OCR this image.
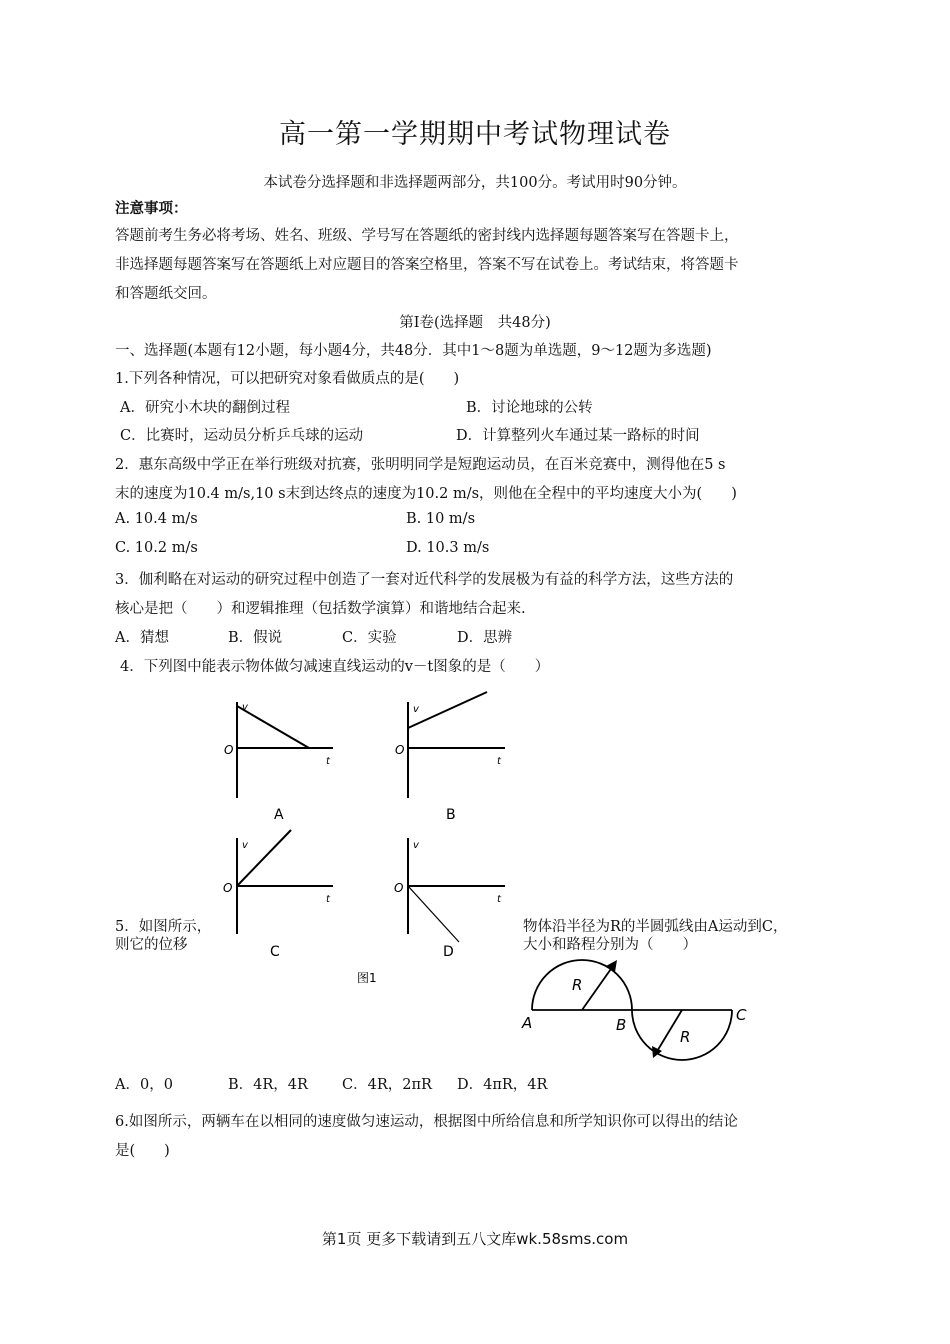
高一第一学期期中考试物理试卷
本试卷分选择题和非选择题两部分，共100分。考试用时90分钟。
注意事项：
答题前考生务必将考场、姓名、班级、学号写在答题纸的密封线内选择题每题答案写在答题卡上，
非选择题每题答案写在答题纸上对应题目的答案空格里，答案不写在试卷上。考试结束，将答题卡
和答题纸交回。
第Ⅰ卷(选择题　共48分)
一、选择题(本题有12小题，每小题4分，共48分．其中1～8题为单选题，9～12题为多选题)
1.下列各种情况，可以把研究对象看做质点的是(　　)
A．研究小木块的翻倒过程	B．讨论地球的公转
C．比赛时，运动员分析乒乓球的运动	D．计算整列火车通过某一路标的时间
2．惠东高级中学正在举行班级对抗赛，张明明同学是短跑运动员，在百米竞赛中，测得他在5 s
末的速度为10.4 m/s,10 s末到达终点的速度为10.2 m/s，则他在全程中的平均速度大小为(　　)
A. 10.4 m/s	B. 10 m/s
C. 10.2 m/s	D. 10.3 m/s
3．伽利略在对运动的研究过程中创造了一套对近代科学的发展极为有益的科学方法，这些方法的
核心是把（　　）和逻辑推理（包括数学演算）和谐地结合起来.
A．猜想	B．假说	C．实验	D．思辨
4．下列图中能表示物体做匀减速直线运动的v－t图象的是（　　）
v
O
t
A
v
O
t
B
v
O
t
C
v
O
t
D
图1
5．如图所示，
则它的位移
物体沿半径为R的半圆弧线由A运动到C，
大小和路程分别为（　　）
R
R
A	B
C
A．0，0	B．4R，4R C．4R，2πR D．4πR，4R
6.如图所示，两辆车在以相同的速度做匀速运动，根据图中所给信息和所学知识你可以得出的结论
是(　　)
第1页 更多下载请到五八文库wk.58sms.com
